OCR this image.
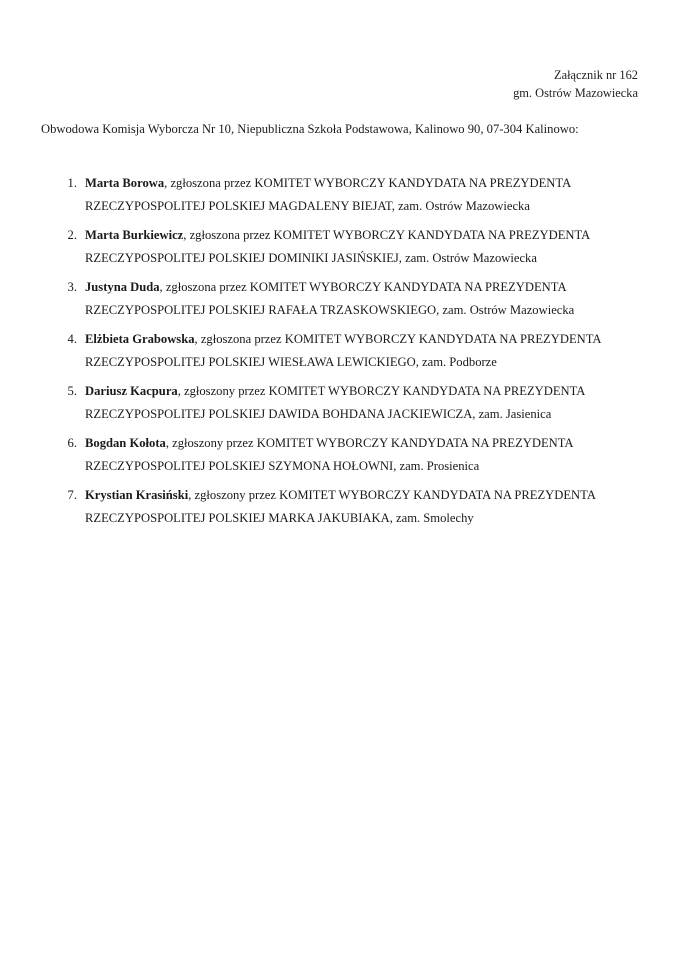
Załącznik nr 162
gm. Ostrów Mazowiecka

Obwodowa Komisja Wyborcza Nr 10, Niepubliczna Szkoła Podstawowa, Kalinowo 90, 07-304 Kalinowo:

1. Marta Borowa, zgłoszona przez KOMITET WYBORCZY KANDYDATA NA PREZYDENTA RZECZYPOSPOLITEJ POLSKIEJ MAGDALENY BIEJAT, zam. Ostrów Mazowiecka
2. Marta Burkiewicz, zgłoszona przez KOMITET WYBORCZY KANDYDATA NA PREZYDENTA RZECZYPOSPOLITEJ POLSKIEJ DOMINIKI JASIŃSKIEJ, zam. Ostrów Mazowiecka
3. Justyna Duda, zgłoszona przez KOMITET WYBORCZY KANDYDATA NA PREZYDENTA RZECZYPOSPOLITEJ POLSKIEJ RAFAŁA TRZASKOWSKIEGO, zam. Ostrów Mazowiecka
4. Elżbieta Grabowska, zgłoszona przez KOMITET WYBORCZY KANDYDATA NA PREZYDENTA RZECZYPOSPOLITEJ POLSKIEJ WIESŁAWA LEWICKIEGO, zam. Podborze
5. Dariusz Kacpura, zgłoszony przez KOMITET WYBORCZY KANDYDATA NA PREZYDENTA RZECZYPOSPOLITEJ POLSKIEJ DAWIDA BOHDANA JACKIEWICZA, zam. Jasienica
6. Bogdan Kołota, zgłoszony przez KOMITET WYBORCZY KANDYDATA NA PREZYDENTA RZECZYPOSPOLITEJ POLSKIEJ SZYMONA HOŁOWNI, zam. Prosienica
7. Krystian Krasiński, zgłoszony przez KOMITET WYBORCZY KANDYDATA NA PREZYDENTA RZECZYPOSPOLITEJ POLSKIEJ MARKA JAKUBIAKA, zam. Smolechy
